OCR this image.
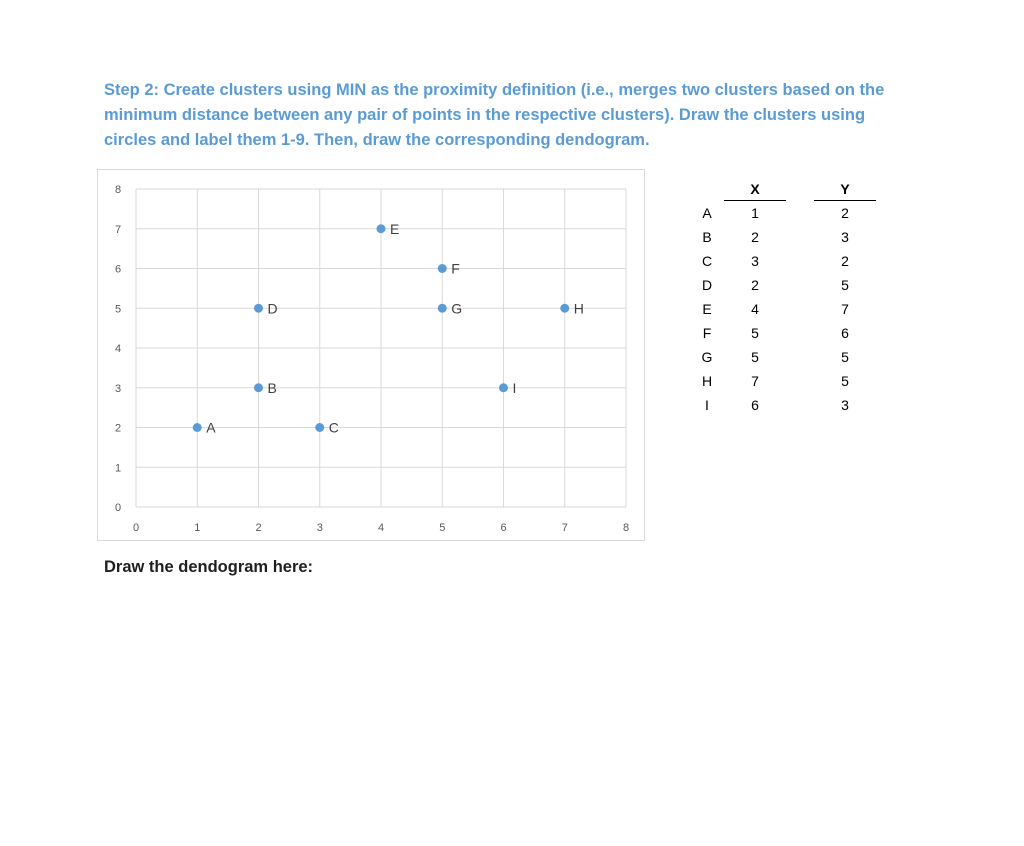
Step 2: Create clusters using MIN as the proximity definition (i.e., merges two clusters based on the minimum distance between any pair of points in the respective clusters). Draw the clusters using circles and label them 1-9. Then, draw the corresponding dendogram.

0	1	2	3	4	5	6	7	8
0
1
2
3
4
5
6
7
8
A
B
C
D
E
F
G	H
I
	X		Y
A	1		2
B	2		3
C	3		2
D	2		5
E	4		7
F	5		6
G	5		5
H	7		5
I	6		3

Draw the dendogram here:
